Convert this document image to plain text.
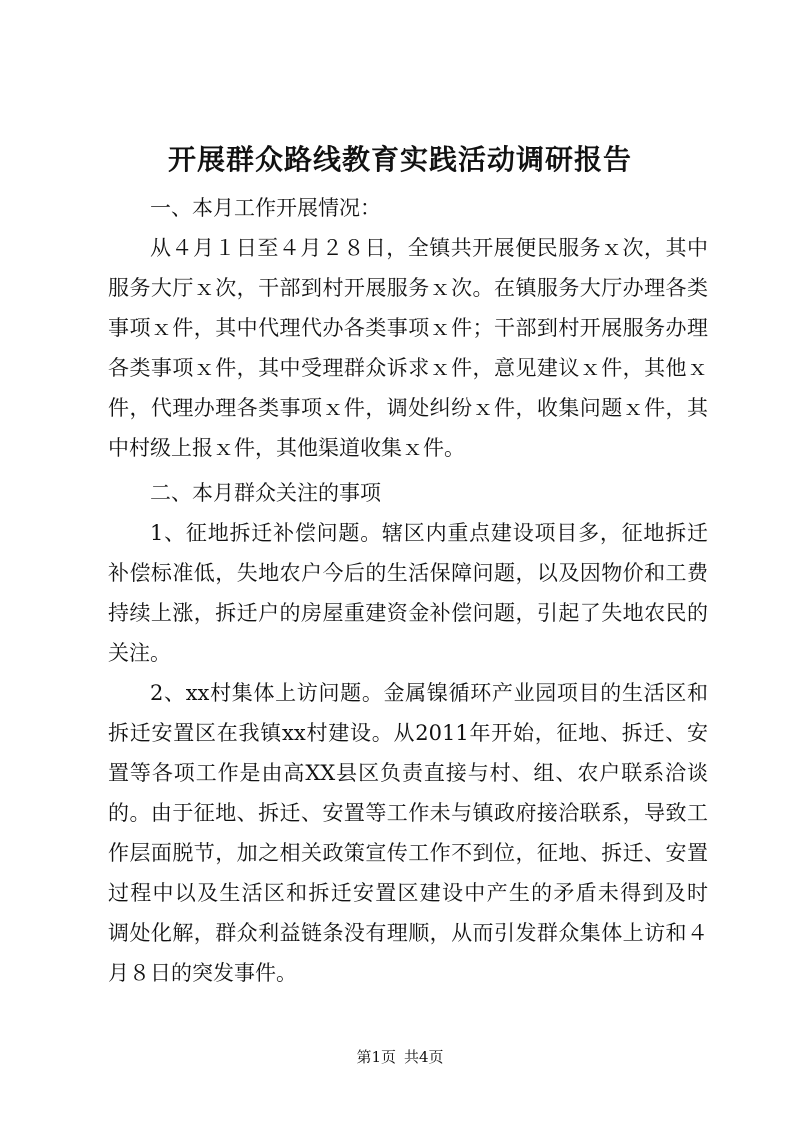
开展群众路线教育实践活动调研报告
一、本月工作开展情况：
从４月１日至４月２８日，全镇共开展便民服务ｘ次，其中
服务大厅ｘ次，干部到村开展服务ｘ次。在镇服务大厅办理各类
事项ｘ件，其中代理代办各类事项ｘ件；干部到村开展服务办理
各类事项ｘ件，其中受理群众诉求ｘ件，意见建议ｘ件，其他ｘ
件，代理办理各类事项ｘ件，调处纠纷ｘ件，收集问题ｘ件，其
中村级上报ｘ件，其他渠道收集ｘ件。
二、本月群众关注的事项
1、征地拆迁补偿问题。辖区内重点建设项目多，征地拆迁
补偿标准低，失地农户今后的生活保障问题，以及因物价和工费
持续上涨，拆迁户的房屋重建资金补偿问题，引起了失地农民的
关注。
2、xx村集体上访问题。金属镍循环产业园项目的生活区和
拆迁安置区在我镇xx村建设。从2011年开始，征地、拆迁、安
置等各项工作是由高XX县区负责直接与村、组、农户联系洽谈
的。由于征地、拆迁、安置等工作未与镇政府接洽联系，导致工
作层面脱节，加之相关政策宣传工作不到位，征地、拆迁、安置
过程中以及生活区和拆迁安置区建设中产生的矛盾未得到及时
调处化解，群众利益链条没有理顺，从而引发群众集体上访和４
月８日的突发事件。
第1页 共4页
